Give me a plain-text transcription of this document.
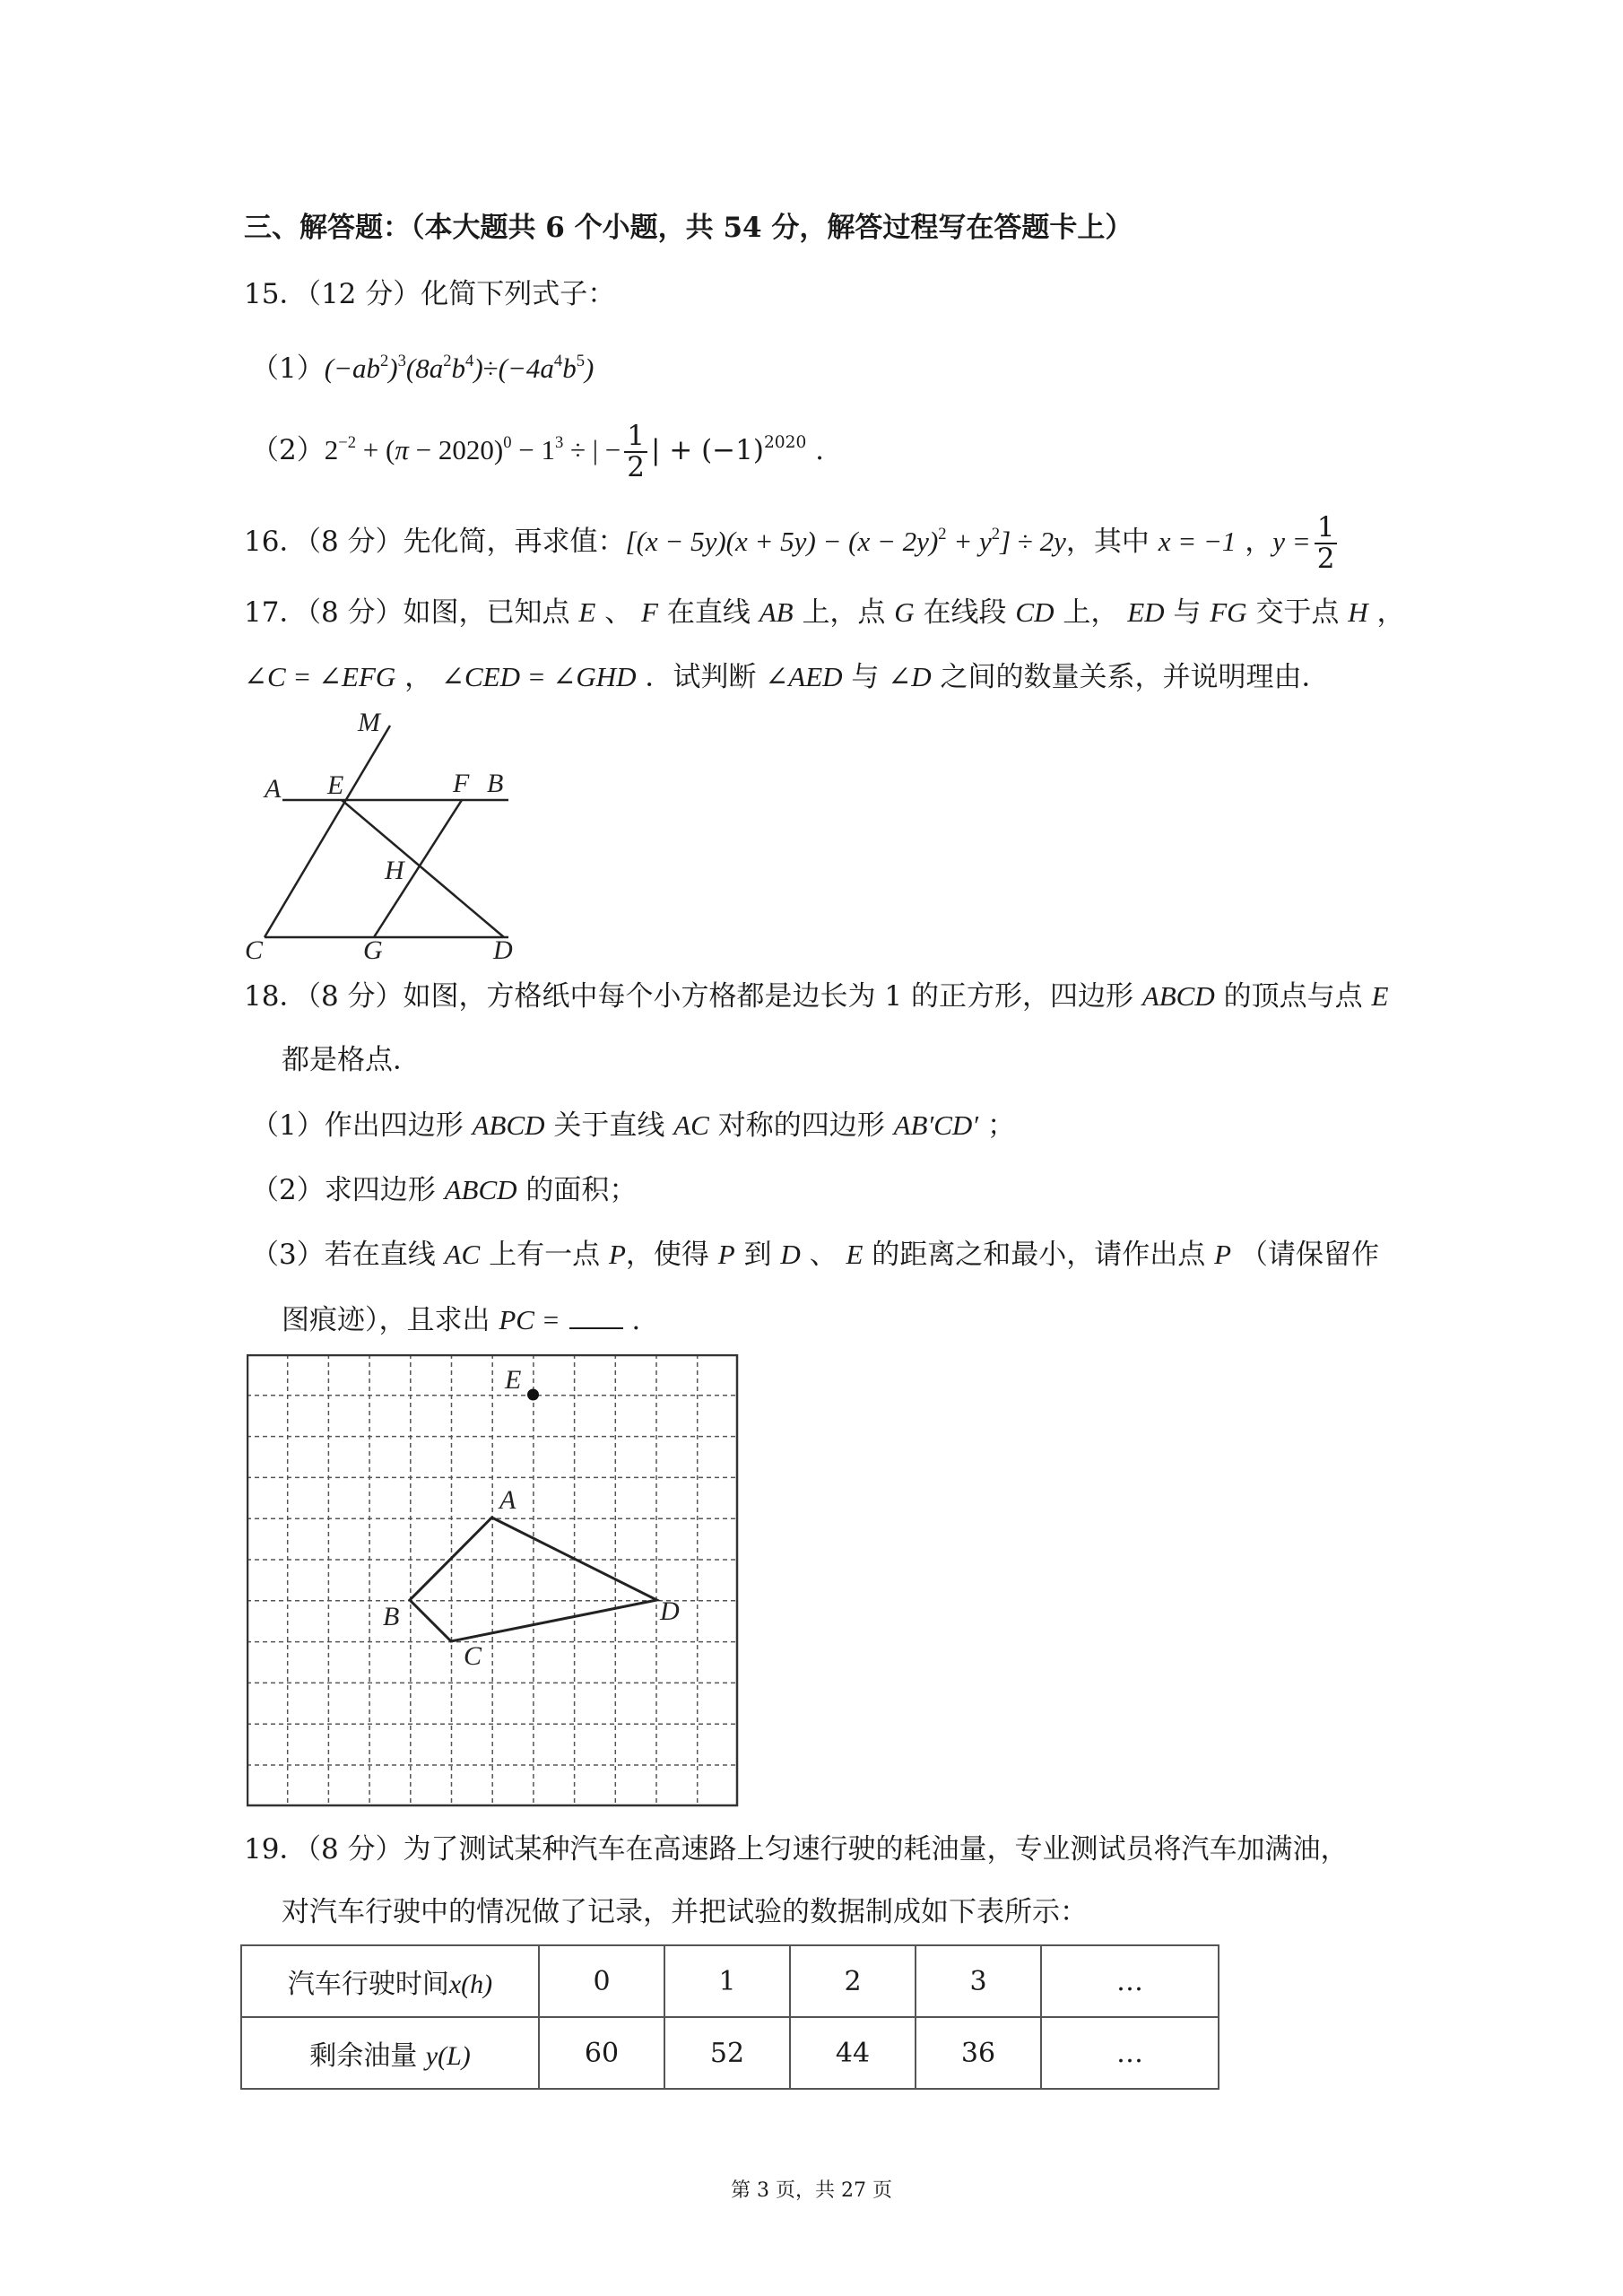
三、解答题：（本大题共 6 个小题，共 54 分，解答过程写在答题卡上）
15．（12 分）化简下列式子：
$(1)(-ab^2)^3(8a^2b^4)\div(-4a^4b^5)$
$(2)2^{-2} + (\pi - 2020)^0 - 1^3$ ÷ | − $\frac{1}{2}$ | + $(-1)^{2020}$ .
16．（8 分）先化简，再求值：$[(x - 5y)(x + 5y) - (x - 2y)^2 + y^2] \div 2y$，其中 x = −1 ，$y = \frac{1}{2}$
17．（8 分）如图，已知点 E 、 F 在直线 AB 上，点 G 在线段 CD 上， ED 与 FG 交于点 H ，
∠C = ∠EFG ， ∠CED = ∠GHD ．试判断 ∠AED 与 ∠D 之间的数量关系，并说明理由．
M
A E	F B
H
C	G	D
18．（8 分）如图，方格纸中每个小方格都是边长为 1 的正方形，四边形 ABCD 的顶点与点 E
都是格点．
（1）作出四边形 ABCD 关于直线 AC 对称的四边形 AB′CD′ ；
（2）求四边形 ABCD 的面积；
（3）若在直线 AC 上有一点 P，使得 P 到 D 、 E 的距离之和最小，请作出点 P （请保留作
图痕迹），且求出 PC =  .
E
A
B
C
D
19．（8 分）为了测试某种汽车在高速路上匀速行驶的耗油量，专业测试员将汽车加满油，
对汽车行驶中的情况做了记录，并把试验的数据制成如下表所示：
汽车行驶时间x(h)	0	1	2	3	…
剩余油量 y(L)	60	52	44	36	…
第 3 页，共 27 页
